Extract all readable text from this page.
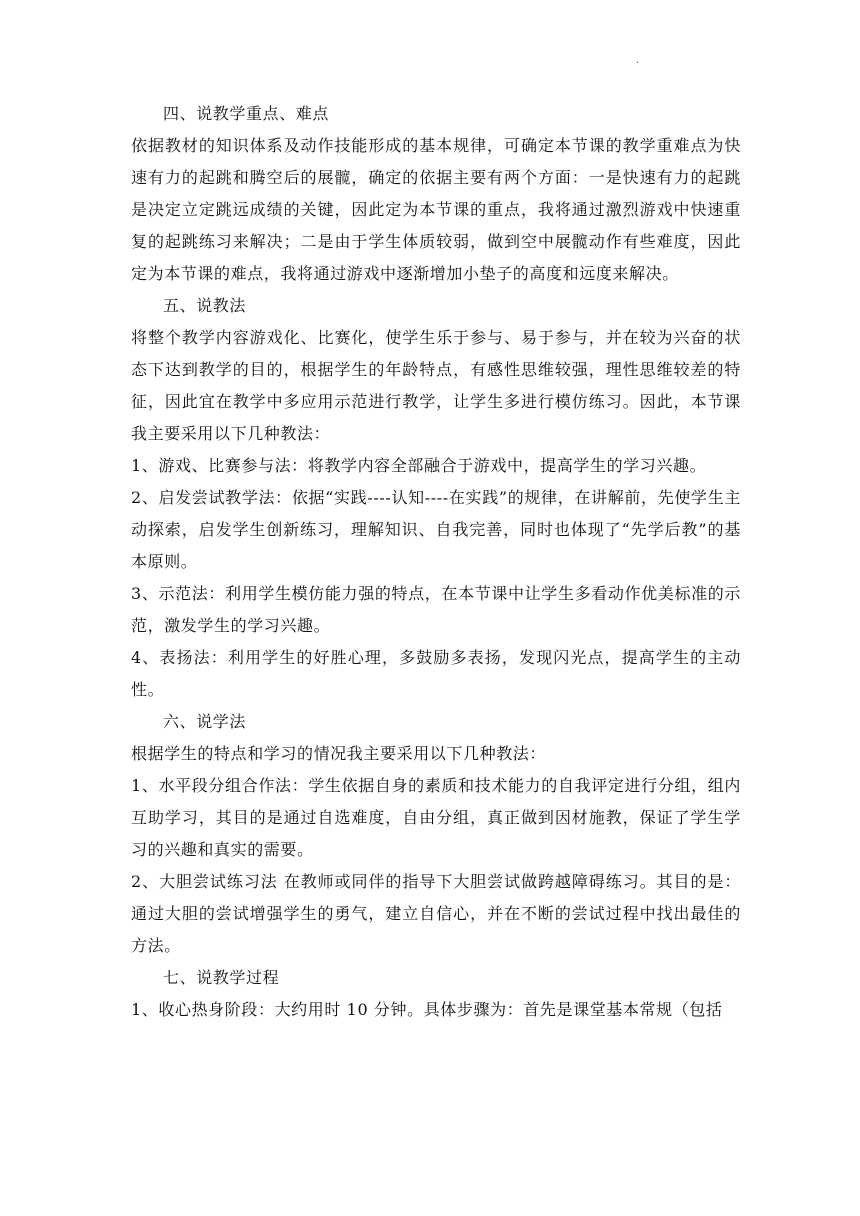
.

四、说教学重点、难点

依据教材的知识体系及动作技能形成的基本规律，可确定本节课的教学重难点为快速有力的起跳和腾空后的展髋，确定的依据主要有两个方面：一是快速有力的起跳是决定立定跳远成绩的关键，因此定为本节课的重点，我将通过激烈游戏中快速重复的起跳练习来解决；二是由于学生体质较弱，做到空中展髋动作有些难度，因此定为本节课的难点，我将通过游戏中逐渐增加小垫子的高度和远度来解决。

五、说教法

将整个教学内容游戏化、比赛化，使学生乐于参与、易于参与，并在较为兴奋的状态下达到教学的目的，根据学生的年龄特点，有感性思维较强，理性思维较差的特征，因此宜在教学中多应用示范进行教学，让学生多进行模仿练习。因此，本节课我主要采用以下几种教法：

1、游戏、比赛参与法：将教学内容全部融合于游戏中，提高学生的学习兴趣。

2、启发尝试教学法：依据“实践----认知----在实践”的规律，在讲解前，先使学生主动探索，启发学生创新练习，理解知识、自我完善，同时也体现了“先学后教”的基本原则。

3、示范法：利用学生模仿能力强的特点，在本节课中让学生多看动作优美标准的示范，激发学生的学习兴趣。

4、表扬法：利用学生的好胜心理，多鼓励多表扬，发现闪光点，提高学生的主动性。

六、说学法

根据学生的特点和学习的情况我主要采用以下几种教法：

1、水平段分组合作法：学生依据自身的素质和技术能力的自我评定进行分组，组内互助学习，其目的是通过自选难度，自由分组，真正做到因材施教，保证了学生学习的兴趣和真实的需要。

2、大胆尝试练习法 在教师或同伴的指导下大胆尝试做跨越障碍练习。其目的是：通过大胆的尝试增强学生的勇气，建立自信心，并在不断的尝试过程中找出最佳的方法。

七、说教学过程

1、收心热身阶段：大约用时 10 分钟。具体步骤为：首先是课堂基本常规（包括
